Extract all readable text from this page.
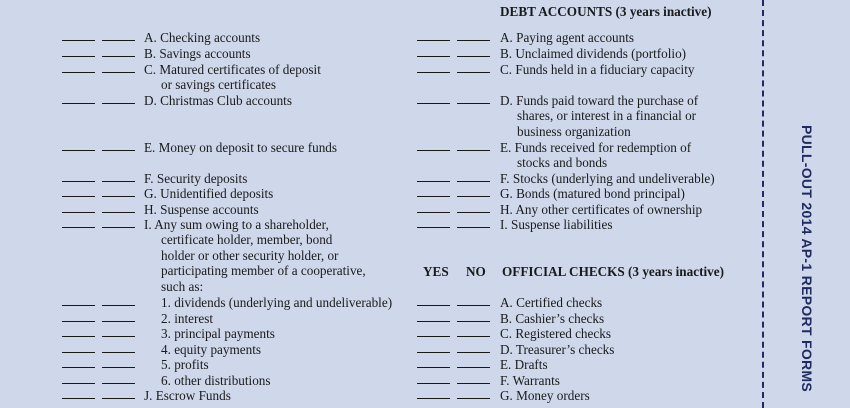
A. Checking accounts
B. Savings accounts
C. Matured certificates of deposit
or savings certificates
D. Christmas Club accounts
E. Money on deposit to secure funds
F. Security deposits
G. Unidentified deposits
H. Suspense accounts
I. Any sum owing to a shareholder,
certificate holder, member, bond
holder or other security holder, or
participating member of a cooperative,
such as:
1. dividends (underlying and undeliverable)
2. interest
3. principal payments
4. equity payments
5. profits
6. other distributions
J. Escrow Funds
DEBT ACCOUNTS (3 years inactive)
A. Paying agent accounts
B. Unclaimed dividends (portfolio)
C. Funds held in a fiduciary capacity
D. Funds paid toward the purchase of
shares, or interest in a financial or
business organization
E. Funds received for redemption of
stocks and bonds
F. Stocks (underlying and undeliverable)
G. Bonds (matured bond principal)
H. Any other certificates of ownership
I. Suspense liabilities
YES NO OFFICIAL CHECKS (3 years inactive)
A. Certified checks
B. Cashier’s checks
C. Registered checks
D. Treasurer’s checks
E. Drafts
F. Warrants
G. Money orders
PULL-OUT 2014 AP-1 REPORT FORMS
